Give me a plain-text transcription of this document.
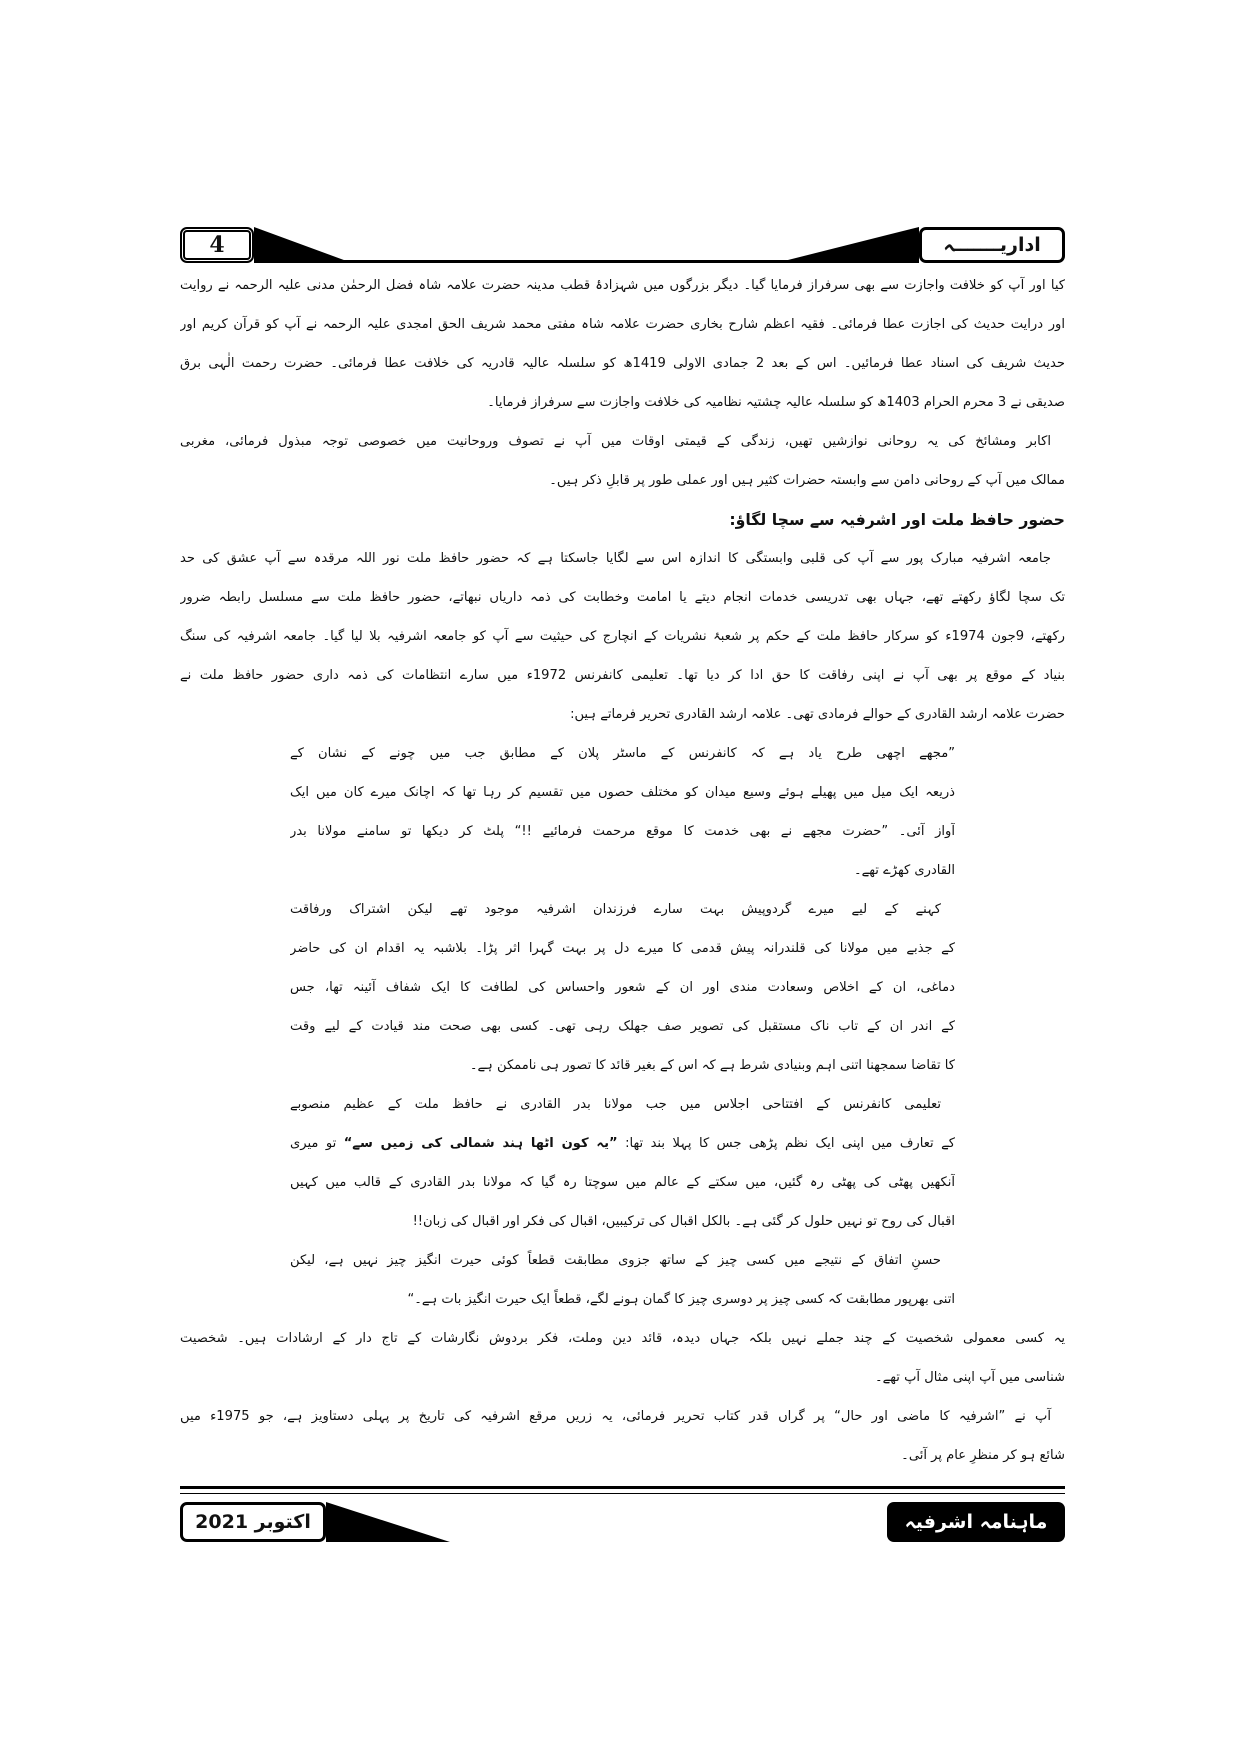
اداریـــــــہ
4
کیا اور آپ کو خلافت واجازت سے بھی سرفراز فرمایا گیا۔ دیگر بزرگوں میں شہزادۂ قطب مدینہ حضرت علامہ شاہ فضل الرحمٰن مدنی علیہ الرحمہ نے روایت
اور درایت حدیث کی اجازت عطا فرمائی۔ فقیہ اعظم شارح بخاری حضرت علامہ شاہ مفتی محمد شریف الحق امجدی علیہ الرحمہ نے آپ کو قرآن کریم اور
حدیث شریف کی اسناد عطا فرمائیں۔ اس کے بعد 2 جمادی الاولی 1419ھ کو سلسلہ عالیہ قادریہ کی خلافت عطا فرمائی۔ حضرت رحمت الٰہی برق
صدیقی نے 3 محرم الحرام 1403ھ کو سلسلہ عالیہ چشتیہ نظامیہ کی خلافت واجازت سے سرفراز فرمایا۔
اکابر ومشائخ کی یہ روحانی نوازشیں تھیں، زندگی کے قیمتی اوقات میں آپ نے تصوف وروحانیت میں خصوصی توجہ مبذول فرمائی، مغربی
ممالک میں آپ کے روحانی دامن سے وابستہ حضرات کثیر ہیں اور عملی طور پر قابلِ ذکر ہیں۔
حضور حافظ ملت اور اشرفیہ سے سچا لگاؤ:
جامعہ اشرفیہ مبارک پور سے آپ کی قلبی وابستگی کا اندازہ اس سے لگایا جاسکتا ہے کہ حضور حافظ ملت نور اللہ مرقدہ سے آپ عشق کی حد
تک سچا لگاؤ رکھتے تھے، جہاں بھی تدریسی خدمات انجام دیتے یا امامت وخطابت کی ذمہ داریاں نبھاتے، حضور حافظ ملت سے مسلسل رابطہ ضرور
رکھتے، 9جون 1974ء کو سرکار حافظ ملت کے حکم پر شعبۂ نشریات کے انچارج کی حیثیت سے آپ کو جامعہ اشرفیہ بلا لیا گیا۔ جامعہ اشرفیہ کی سنگ
بنیاد کے موقع پر بھی آپ نے اپنی رفاقت کا حق ادا کر دیا تھا۔ تعلیمی کانفرنس 1972ء میں سارے انتظامات کی ذمہ داری حضور حافظ ملت نے
حضرت علامہ ارشد القادری کے حوالے فرمادی تھی۔ علامہ ارشد القادری تحریر فرماتے ہیں:
”مجھے اچھی طرح یاد ہے کہ کانفرنس کے ماسٹر پلان کے مطابق جب میں چونے کے نشان کے
ذریعہ ایک میل میں پھیلے ہوئے وسیع میدان کو مختلف حصوں میں تقسیم کر رہا تھا کہ اچانک میرے کان میں ایک
آواز آئی۔ ”حضرت مجھے نے بھی خدمت کا موقع مرحمت فرمائیے !!“ پلٹ کر دیکھا تو سامنے مولانا بدر
القادری کھڑے تھے۔
کہنے کے لیے میرے گردوپیش بہت سارے فرزندان اشرفیہ موجود تھے لیکن اشتراک ورفاقت
کے جذبے میں مولانا کی قلندرانہ پیش قدمی کا میرے دل پر بہت گہرا اثر پڑا۔ بلاشبہ یہ اقدام ان کی حاضر
دماغی، ان کے اخلاص وسعادت مندی اور ان کے شعور واحساس کی لطافت کا ایک شفاف آئینہ تھا، جس
کے اندر ان کے تاب ناک مستقبل کی تصویر صف جھلک رہی تھی۔ کسی بھی صحت مند قیادت کے لیے وقت
کا تقاضا سمجھنا اتنی اہم وبنیادی شرط ہے کہ اس کے بغیر قائد کا تصور ہی ناممکن ہے۔
تعلیمی کانفرنس کے افتتاحی اجلاس میں جب مولانا بدر القادری نے حافظ ملت کے عظیم منصوبے
کے تعارف میں اپنی ایک نظم پڑھی جس کا پہلا بند تھا: ”یہ کون اٹھا ہند شمالی کی زمیں سے“ تو میری
آنکھیں پھٹی کی پھٹی رہ گئیں، میں سکتے کے عالم میں سوچتا رہ گیا کہ مولانا بدر القادری کے قالب میں کہیں
اقبال کی روح تو نہیں حلول کر گئی ہے۔ بالکل اقبال کی ترکیبیں، اقبال کی فکر اور اقبال کی زبان!!
حسنِ اتفاق کے نتیجے میں کسی چیز کے ساتھ جزوی مطابقت قطعاً کوئی حیرت انگیز چیز نہیں ہے، لیکن
اتنی بھرپور مطابقت کہ کسی چیز پر دوسری چیز کا گمان ہونے لگے، قطعاً ایک حیرت انگیز بات ہے۔“
یہ کسی معمولی شخصیت کے چند جملے نہیں بلکہ جہاں دیدہ، قائد دین وملت، فکر بردوش نگارشات کے تاج دار کے ارشادات ہیں۔ شخصیت
شناسی میں آپ اپنی مثال آپ تھے۔
آپ نے ”اشرفیہ کا ماضی اور حال“ پر گراں قدر کتاب تحریر فرمائی، یہ زریں مرقع اشرفیہ کی تاریخ پر پہلی دستاویز ہے، جو 1975ء میں
شائع ہو کر منظرِ عام پر آئی۔
اکتوبر 2021	ماہنامہ اشرفیہ
